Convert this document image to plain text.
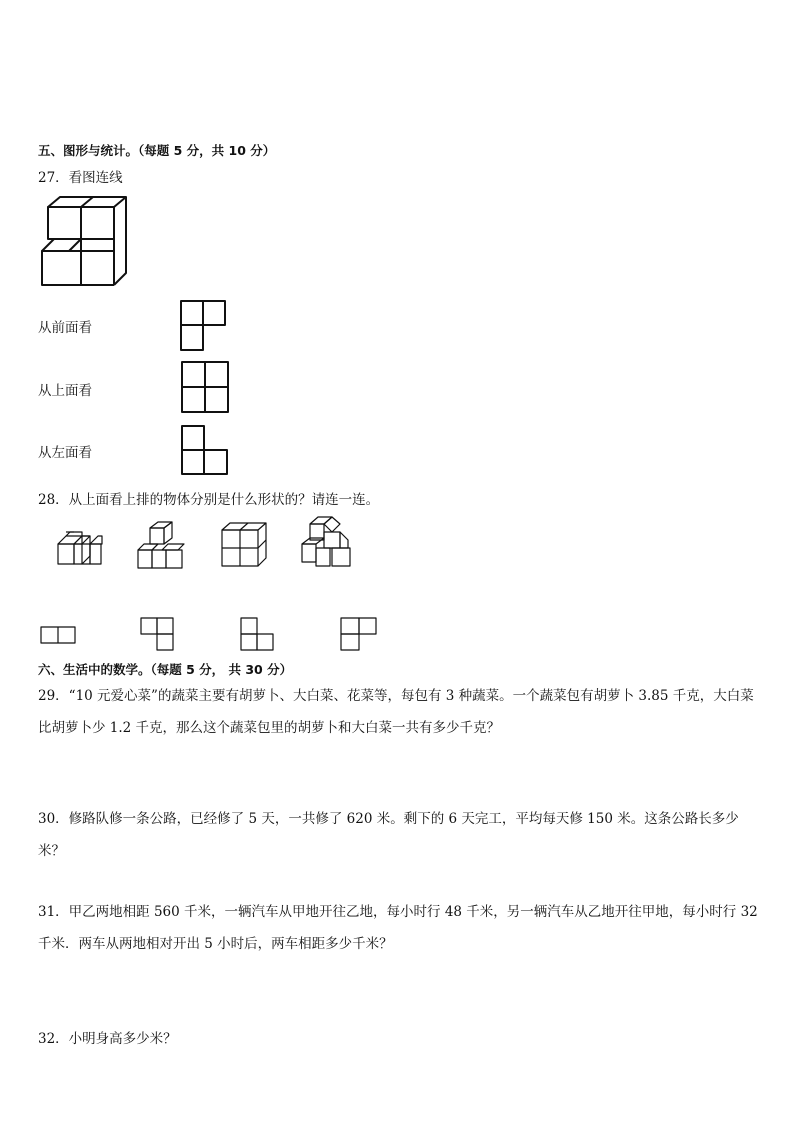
五、图形与统计。（每题 5 分，共 10 分）
27．看图连线
从前面看
从上面看
从左面看
28．从上面看上排的物体分别是什么形状的？请连一连。
六、生活中的数学。（每题 5 分， 共 30 分）
29．“10 元爱心菜”的蔬菜主要有胡萝卜、大白菜、花菜等，每包有 3 种蔬菜。一个蔬菜包有胡萝卜 3.85 千克，大白菜比胡萝卜少 1.2 千克，那么这个蔬菜包里的胡萝卜和大白菜一共有多少千克？
30．修路队修一条公路，已经修了 5 天，一共修了 620 米。剩下的 6 天完工，平均每天修 150 米。这条公路长多少米？
31．甲乙两地相距 560 千米，一辆汽车从甲地开往乙地，每小时行 48 千米，另一辆汽车从乙地开往甲地，每小时行 32 千米．两车从两地相对开出 5 小时后，两车相距多少千米？
32．小明身高多少米？
